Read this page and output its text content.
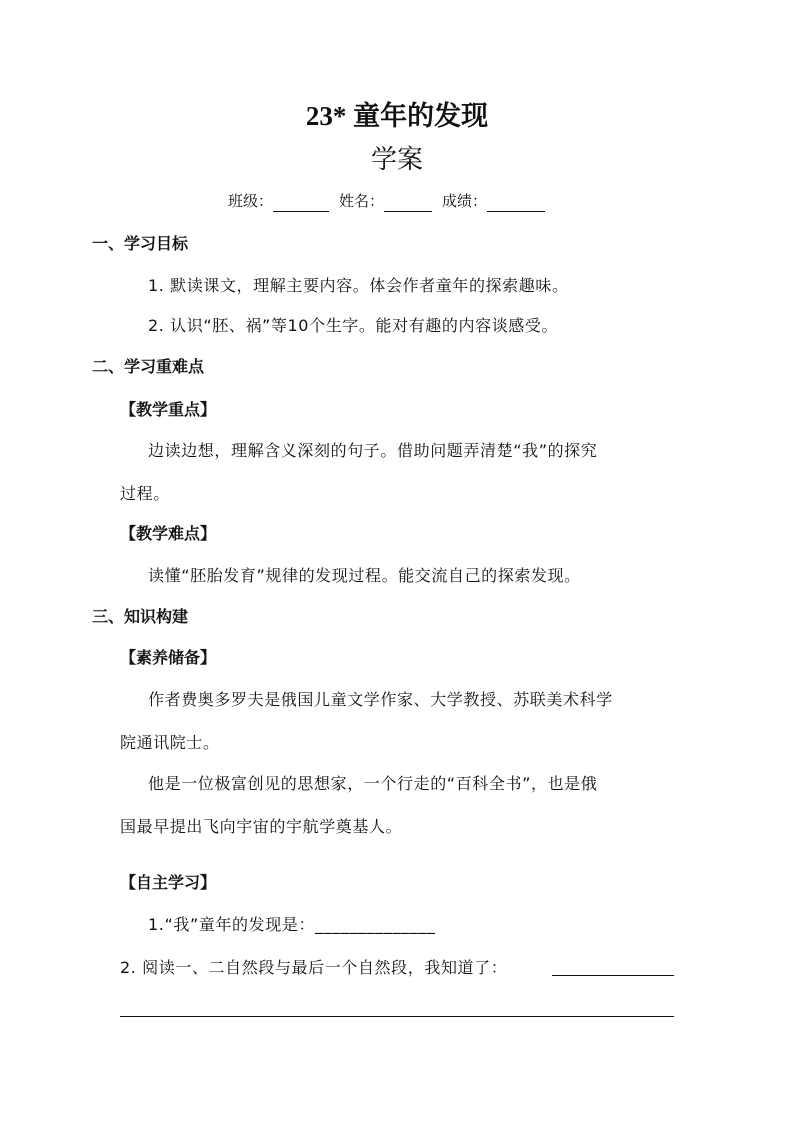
23* 童年的发现
学案
班级：	姓名：	成绩：
一、学习目标
1. 默读课文，理解主要内容。体会作者童年的探索趣味。
2. 认识“胚、祸”等10个生字。能对有趣的内容谈感受。
二、学习重难点
【教学重点】
边读边想，理解含义深刻的句子。借助问题弄清楚“我”的探究
过程。
【教学难点】
读懂“胚胎发育”规律的发现过程。能交流自己的探索发现。
三、知识构建
【素养储备】
作者费奥多罗夫是俄国儿童文学作家、大学教授、苏联美术科学
院通讯院士。
他是一位极富创见的思想家，一个行走的“百科全书”，也是俄
国最早提出飞向宇宙的宇航学奠基人。
【自主学习】
1.“我”童年的发现是：______________
2. 阅读一、二自然段与最后一个自然段，我知道了：
